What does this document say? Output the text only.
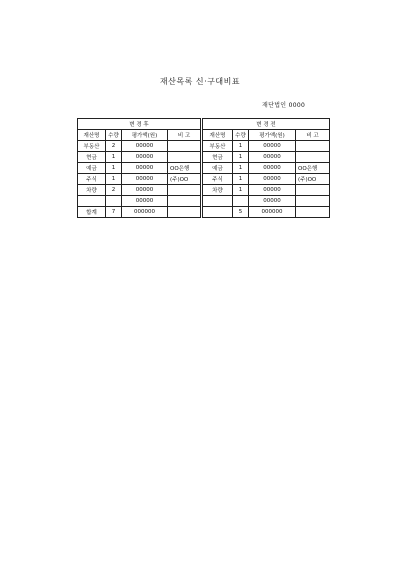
재산목록 신·구대비표
재단법인 0000
변 경 후			
재산명	수량	평가액(원)	비 고
부동산	2	00000	
현금	1	00000	
예금	1	00000	OO은행
주식	1	00000	(주)OO
차량	2	00000	
		00000	
합계	7	000000	
변 경 전			
재산명	수량	평가액(원)	비 고
부동산	1	00000	
현금	1	00000	
예금	1	00000	OO은행
주식	1	00000	(주)OO
차량	1	00000	
		00000	
	5	000000	
